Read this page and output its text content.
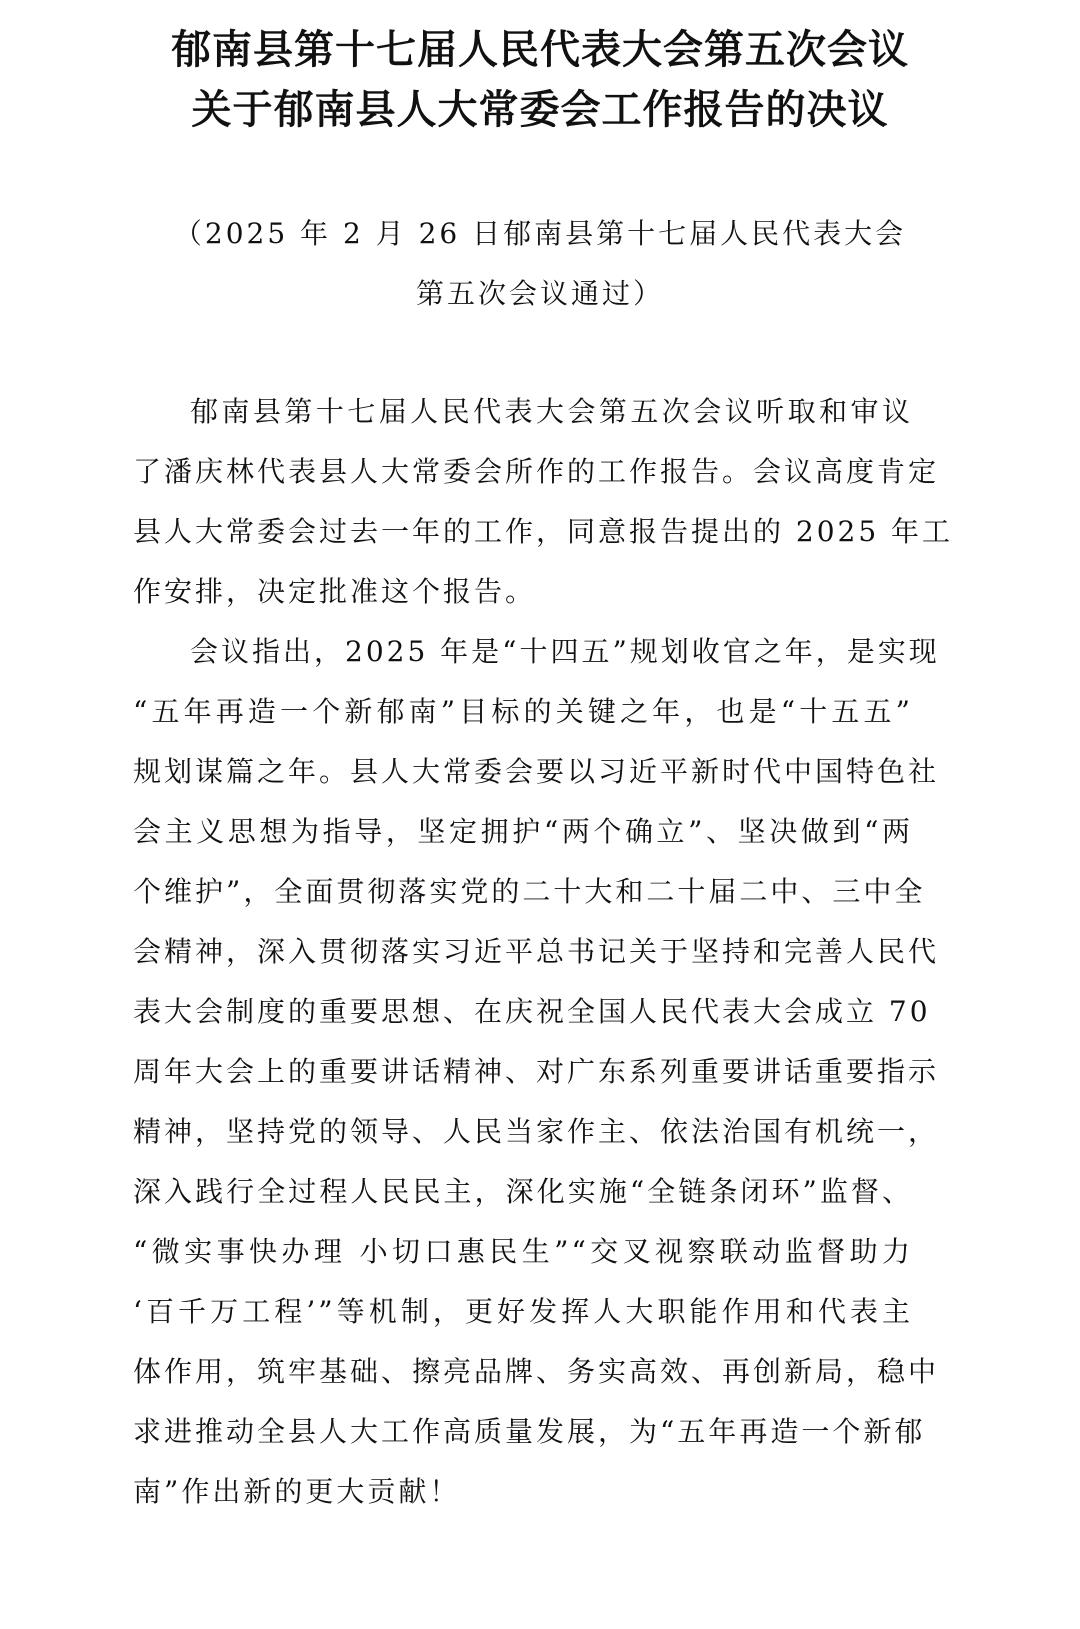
郁南县第十七届人民代表大会第五次会议
关于郁南县人大常委会工作报告的决议
（2025 年 2 月 26 日郁南县第十七届人民代表大会
第五次会议通过）
郁南县第十七届人民代表大会第五次会议听取和审议
了潘庆林代表县人大常委会所作的工作报告。会议高度肯定
县人大常委会过去一年的工作，同意报告提出的 2025 年工
作安排，决定批准这个报告。
会议指出，2025 年是“十四五”规划收官之年，是实现
“五年再造一个新郁南”目标的关键之年，也是“十五五”
规划谋篇之年。县人大常委会要以习近平新时代中国特色社
会主义思想为指导，坚定拥护“两个确立”、坚决做到“两
个维护”，全面贯彻落实党的二十大和二十届二中、三中全
会精神，深入贯彻落实习近平总书记关于坚持和完善人民代
表大会制度的重要思想、在庆祝全国人民代表大会成立 70
周年大会上的重要讲话精神、对广东系列重要讲话重要指示
精神，坚持党的领导、人民当家作主、依法治国有机统一，
深入践行全过程人民民主，深化实施“全链条闭环”监督、
“微实事快办理 小切口惠民生”“交叉视察联动监督助力
‘百千万工程’”等机制，更好发挥人大职能作用和代表主
体作用，筑牢基础、擦亮品牌、务实高效、再创新局，稳中
求进推动全县人大工作高质量发展，为“五年再造一个新郁
南”作出新的更大贡献！
